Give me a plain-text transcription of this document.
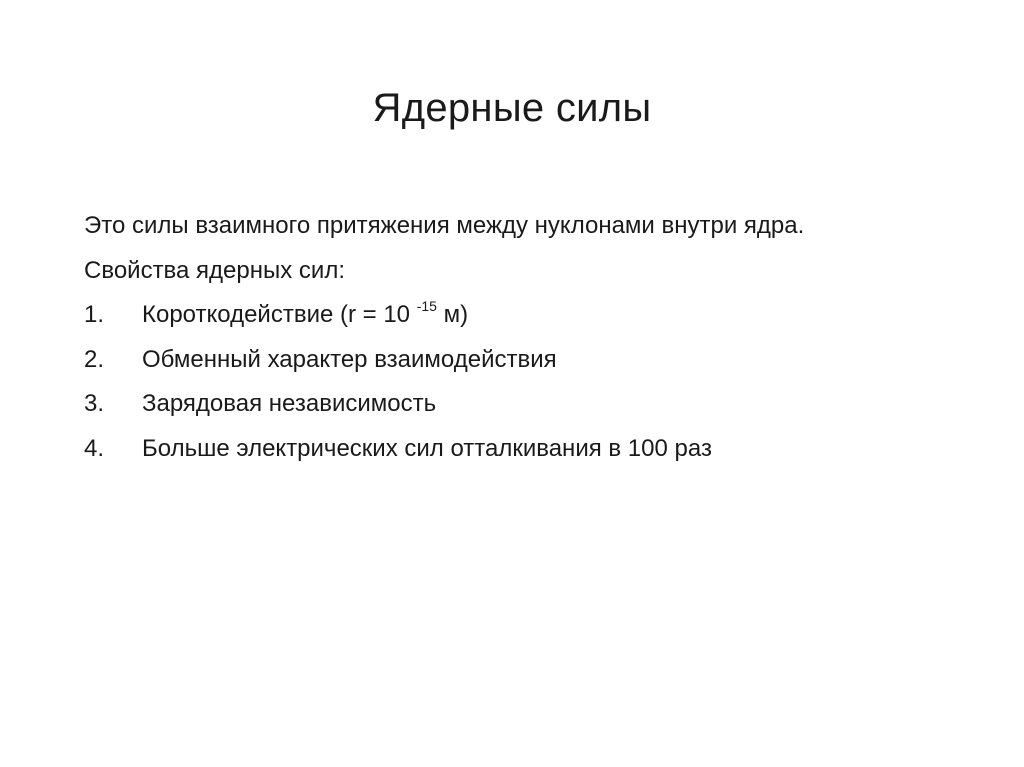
Ядерные силы
Это силы взаимного притяжения между нуклонами внутри ядра.
Свойства ядерных сил:
1.	Короткодействие (r = 10 $^{-15}$ м)
2.	Обменный характер взаимодействия
3.	Зарядовая независимость
4.	Больше электрических сил отталкивания в 100 раз
